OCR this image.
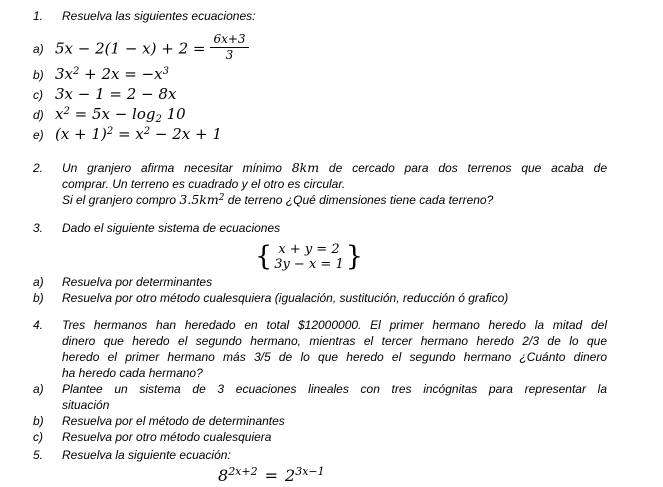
1.	Resuelva las siguientes ecuaciones:
a) $5x - 2(1 - x) + 2 = \frac{6x+3}{3}$
b) $3x^2 + 2x = -x^3$
c) 3x − 1 = 2 − 8x
d) $x^2 = 5x - \log_2 10$
e) $(x + 1)^2 = x^2 - 2x + 1$
2.	Un granjero afirma necesitar mínimo 8km de cercado para dos terrenos que acaba de
comprar. Un terreno es cuadrado y el otro es circular.
Si el granjero compro $3.5km^2$ de terreno ¿Qué dimensiones tiene cada terreno?
3.	Dado el siguiente sistema de ecuaciones
{ x + y = 2
3y − x = 1 }
a)	Resuelva por determinantes
b)	Resuelva por otro método cualesquiera (igualación, sustitución, reducción ó grafico)
4.	Tres hermanos han heredado en total $12000000. El primer hermano heredo la mitad del
dinero que heredo el segundo hermano, mientras el tercer hermano heredo 2/3 de lo que
heredo el primer hermano más 3/5 de lo que heredo el segundo hermano ¿Cuánto dinero
ha heredo cada hermano?
a)	Plantee un sistema de 3 ecuaciones lineales con tres incógnitas para representar la
situación
b)	Resuelva por el método de determinantes
c)	Resuelva por otro método cualesquiera
5.	Resuelva la siguiente ecuación:
$8^{2x+2} = 2^{3x-1}$
